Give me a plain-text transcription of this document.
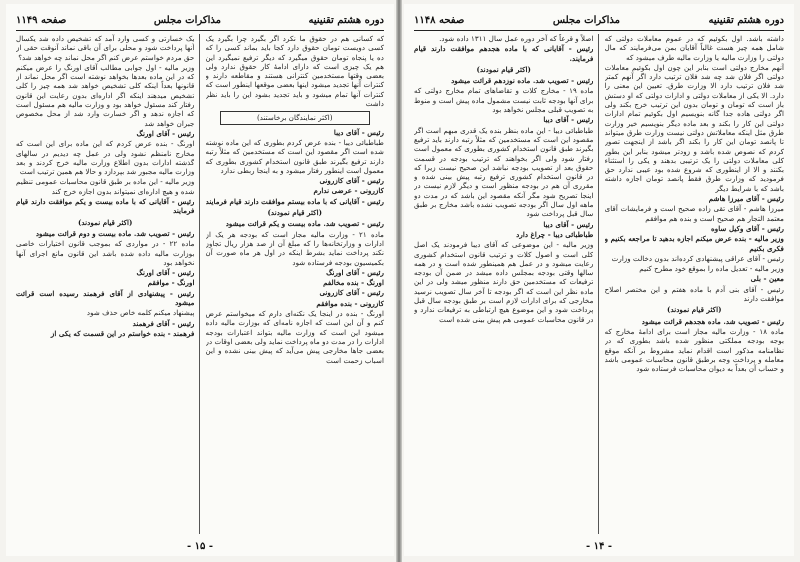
دوره هشتم تقنینیه
مذاکرات مجلس
صفحه ۱۱۴۹

که کسانی هم در حقوق ما نکرد اگر بگیرد چرا بگیرد یک کسی دویست تومان حقوق دارد کجا باید بماند کسی را که ده یا پنجاه تومان حقوق میگیرد که دیگر ترفیع نمیگیرد این هم یک چیزی است که دارای ادامهٔ کار حقوق ندارد ولی بعضی وقتها مستخدمین کنترانی هستند و مقاطعه دارند و کنترات آنها تجدید میشود اینها بعضی موقعها اینطور است که کنترات آنها تمام میشود و باید تجدید بشود این را باید نظر داشت

(اکثر نمایندگان برخاستند)

رئیس - آقای دیبا

طباطبائی دیبا - بنده عرض کردم بطوری که این ماده نوشته شده است اگر مقصود این است که مستخدمین که مثلاً رتبه دارند ترفیع بگیرند طبق قانون استخدام کشوری بطوری که معمول است اینطور رفتار میشود و به اینجا ربطی ندارد

رئیس - آقای کازرونی

کازرونی - عرضی ندارم

رئیس - آقایانی که با ماده بیستم موافقت دارند قیام فرمایند

(اکثر قیام نمودند)

رئیس - تصویب شد. ماده بیست و یکم قرائت میشود

ماده ۲۱ - وزارت مالیه مجاز است که بودجه هر یک از ادارات و وزارتخانه‌ها را که مبلغ آن از صد هزار ریال تجاوز نکند پرداخت نماید بشرط اینکه در اول هر ماه صورت آن بکمیسیون بودجه فرستاده شود

رئیس - آقای اورنگ

اورنگ - بنده مخالفم

رئیس - آقای کازرونی

کازرونی - بنده موافقم

اورنگ - بنده در اینجا یک نکته‌ای دارم که میخواستم عرض کنم و آن این است که اجازه نامه‌ای که بوزارت مالیه داده میشود این است که وزارت مالیه بتواند اعتبارات بودجه ادارات را در مدت دو ماه پرداخت نماید ولی بعضی اوقات در بعضی جاها مخارجی پیش می‌آید که پیش بینی نشده و این اسباب زحمت است

یک خسارتی و کسی وارد آمد که تشخیص داده شد یکسال آنها پرداخت شود و محلی برای آن باقی نماند آنوقت حقی از حق مردم خواستم عرض کنم اگر محل نماند چه خواهد شد؟

وزیر مالیه - اول جوابی مطالب آقای اورنگ را عرض میکنم که در این ماده بعدها بخواهد نوشته است اگر محل نماند از قانونها بعداً اینکه کلی تشخیص خواهد شد همه چیز را کلی تشخیص میدهند اینکه اگر اداره‌ای بدون رعایت این قانون رفتار کند مسئول خواهد بود و وزارت مالیه هم مسئول است که اجازه ندهد و اگر خسارت وارد شد از محل مخصوص جبران خواهد شد

رئیس - آقای اورنگ

اورنگ - بنده عرض کردم که این ماده برای این است که مخارج نامنظم نشود ولی در عمل چه دیدیم در سالهای گذشته ادارات بدون اطلاع وزارت مالیه خرج کردند و بعد وزارت مالیه مجبور شد بپردازد و حالا هم همین ترتیب است

وزیر مالیه - این ماده بر طبق قانون محاسبات عمومی تنظیم شده و هیچ اداره‌ای نمیتواند بدون اجازه خرج کند

رئیس - آقایانی که با ماده بیست و یکم موافقت دارند قیام فرمایند

(اکثر قیام نمودند)

رئیس - تصویب شد. ماده بیست و دوم قرائت میشود

ماده ۲۲ - در مواردی که بموجب قانون اختیارات خاصی بوزارت مالیه داده شده باشد این قانون مانع اجرای آنها نخواهد بود

رئیس - آقای اورنگ

اورنگ - موافقم

رئیس - پیشنهادی از آقای فرهمند رسیده است قرائت میشود

پیشنهاد میکنم کلمه خاص حذف شود

رئیس - آقای فرهمند

فرهمند - بنده خواستم در این قسمت که یکی از

- ۱۵ -
دوره هشتم تقنینیه
مذاکرات مجلس
صفحه ۱۱۴۸

داشته باشد. اول بکوئیم که در عموم معاملات دولتی که شامل همه چیز هست غالباً آقایان بمن می‌فرمایند که مال دولتی را وزارت مالیه یا وزارت مالیه طرف میشود که

آنهم مخارج دولتی است بنابر این چون اول بکوئیم معاملات دولتی اگر فلان شد چه شد فلان ترتیب دارد اگر آنهم کمتر شد فلان ترتیب دارد الا وزارت طرق. تعیین این معنی را دارد. الا یکی از معاملات دولتی و ادارات دولتی که او دستش باز است که تومان و تومان بدون این ترتیب خرج بکند ولی اگر دولتی هاده جدا گانه بنویسیم اول بکوئیم تمام ادارات دولتی این کار را بکند و بعد ماده دیگر بنویسیم خیر وزارت طرق مثل اینکه معاملاتش دولتی نیست وزارت طرق میتواند تا پانصد تومان این کار را بکند اگر باشد از اینجهت تصور کردم که نصوص شده باشد و زودتر میشود بنابر این بطور کلی معاملات دولتی را یک ترتیبی بدهند و یکی را استثناء بکنند و الا از اینطوری که شروع شده بود عیبی ندارد حق فرمودید که وزارت طرق فقط پانصد تومان اجازه داشته باشد که با شرایط دیگر

رئیس - آقای میرزا هاشم

میرزا هاشم - آقای تقی زاده صحیح است و فرمایشات آقای معتمد التجار هم صحیح است و بنده هم موافقم

رئیس - آقای وکیل ساوه

وزیر مالیه - بنده عرض میکنم اجازه بدهید تا مراجعه بکنیم و فکری بکنیم

رئیس - آقای عراقی پیشنهادی کرده‌اند بدون دخالت وزارت

وزیر مالیه - تعدیل ماده را بموقع خود مطرح کنیم

معین - بلی

رئیس - آقای بنی آدم با ماده هفتم و این مختصر اصلاح موافقت دارند

(اکثر قیام نمودند)

رئیس - تصویب شد. ماده هجدهم قرائت میشود

ماده ۱۸ - وزارت مالیه مجاز است برای ادامهٔ مخارج که بوجه بودجه مملکتی منظور شده باشد بطوری که در نظامنامه مذکور است اقدام نماید مشروط بر آنکه موقع معامله و پرداخت وجه برطبق قانون محاسبات عمومی باشد و حساب آن بعداً به دیوان محاسبات فرستاده شود

اصلاً و قرعاً که آخر دوره عمل سال ۱۳۱۱ داده شود.

رئیس - آقایانی که با ماده هجدهم موافقت دارند قیام فرمایند.

(اکثر قیام نمودند)

رئیس - تصویب شد. ماده نوزدهم قرائت میشود

ماده ۱۹ - مخارج کلات و تقاضاهای تمام مخارج دولتی که برای آنها بودجه ثابت نیست مشمول ماده پیش است و منوط به تصویب قبلی مجلس نخواهد بود

رئیس - آقای دیبا

طباطبائی دیبا - این ماده بنظر بنده یک قدری مبهم است اگر مقصود این است که مستخدمین که مثلاً رتبه دارند باید ترفیع بگیرند طبق قانون استخدام کشوری بطوری که معمول است رفتار شود ولی اگر بخواهند که ترتیب بودجه در قسمت حقوق بعد از تصویب بودجه نباشد این صحیح نیست زیرا که در قانون استخدام کشوری ترفیع رتبه پیش بینی شده و مقرری آن هم در بودجه منظور است و دیگر لازم نیست در اینجا تصریح شود مگر آنکه مقصود این باشد که در مدت دو ماهه اول سال اگر بودجه تصویب نشده باشد مخارج بر طبق سال قبل پرداخت شود

رئیس - آقای دیبا

طباطبائی دیبا - چراغ دارد

وزیر مالیه - این موضوعی که آقای دیبا فرمودند یک اصل کلی است و اصول کلات و ترتیب قانون استخدام کشوری رعایت میشود و در عمل هم همینطور شده است و در همه سالها وقتی بودجه بمجلس داده میشد در ضمن آن بودجه ترفیعات که مستخدمین حق دارند منظور میشد ولی در این ماده نظر این است که اگر بودجه تا آخر سال تصویب نرسید مخارجی که برای ادارات لازم است بر طبق بودجه سال قبل پرداخت شود و این موضوع هیچ ارتباطی به ترفیعات ندارد و در قانون محاسبات عمومی هم پیش بینی شده است

- ۱۴ -
